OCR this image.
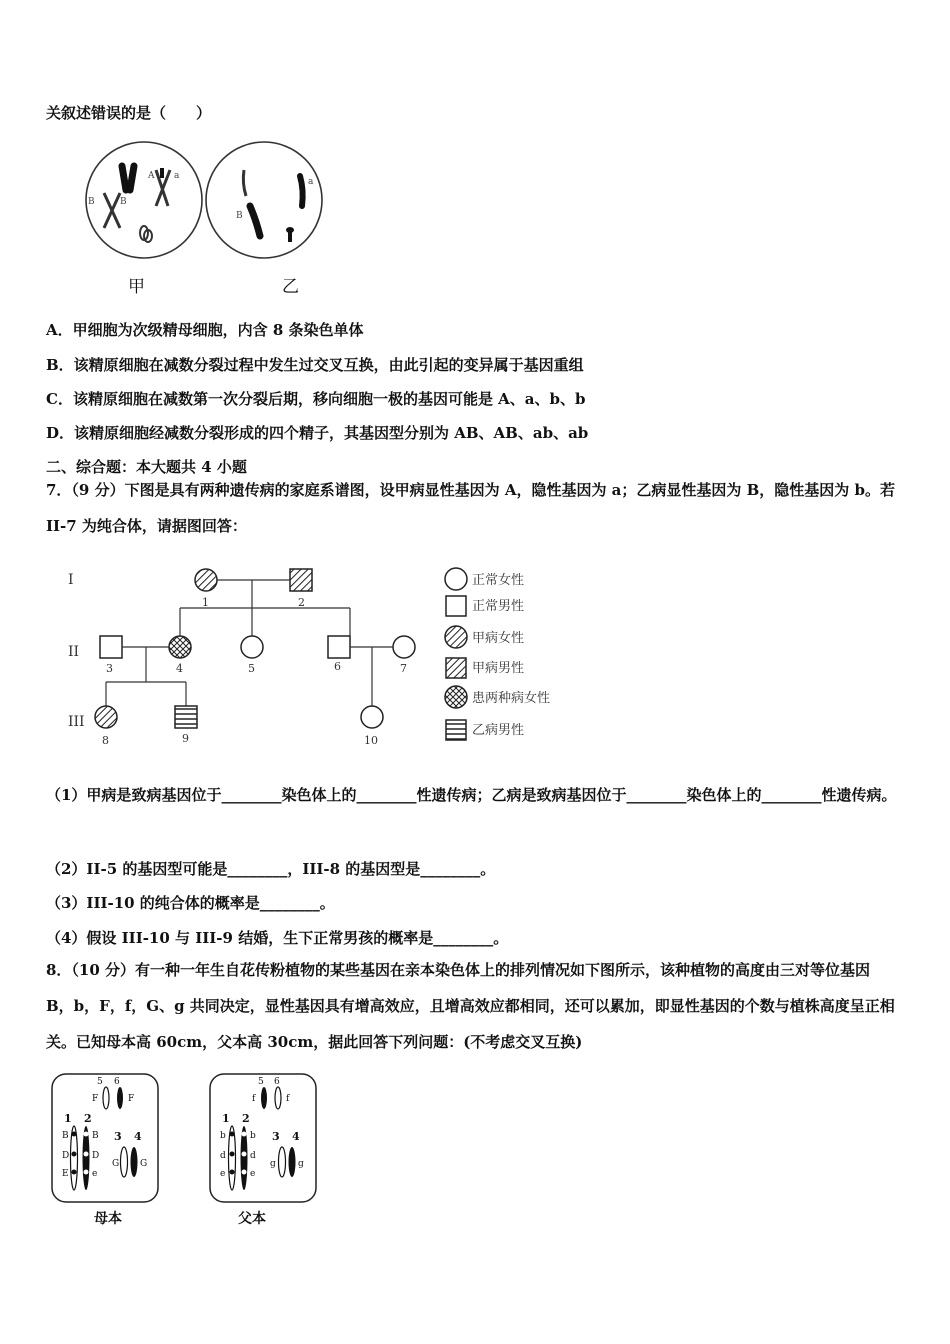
关叙述错误的是（　　）
B	B
A a
a
B
甲	乙
A．甲细胞为次级精母细胞，内含 8 条染色单体
B．该精原细胞在减数分裂过程中发生过交叉互换，由此引起的变异属于基因重组
C．该精原细胞在减数第一次分裂后期，移向细胞一极的基因可能是 A、a、b、b
D．该精原细胞经减数分裂形成的四个精子，其基因型分别为 AB、AB、ab、ab
二、综合题：本大题共 4 小题
7．（9 分）下图是具有两种遗传病的家庭系谱图，设甲病显性基因为 A，隐性基因为 a；乙病显性基因为 B，隐性基因为 b。若 II-7 为纯合体，请据图回答：
I
II
III
1	2
3	4	5	6	7
8	9	10
正常女性
正常男性
甲病女性
甲病男性
患两种病女性
乙病男性
（1）甲病是致病基因位于________染色体上的________性遗传病；乙病是致病基因位于________染色体上的________性遗传病。
（2）II-5 的基因型可能是________，III-8 的基因型是________。
（3）III-10 的纯合体的概率是________。
（4）假设 III-10 与 III-9 结婚，生下正常男孩的概率是________。
8．（10 分）有一种一年生自花传粉植物的某些基因在亲本染色体上的排列情况如下图所示，该种植物的高度由三对等位基因 B，b，F，f，G、g 共同决定，显性基因具有增高效应，且增高效应都相同，还可以累加，即显性基因的个数与植株高度呈正相关。已知母本高 60cm，父本高 30cm，据此回答下列问题：(不考虑交叉互换)
5 6
F	F
1 2
B
D
E
B
D
e
3 4
G G
母本
5 6
f	f
1 2
b
d
e
b
d
e
3 4
g g
父本
